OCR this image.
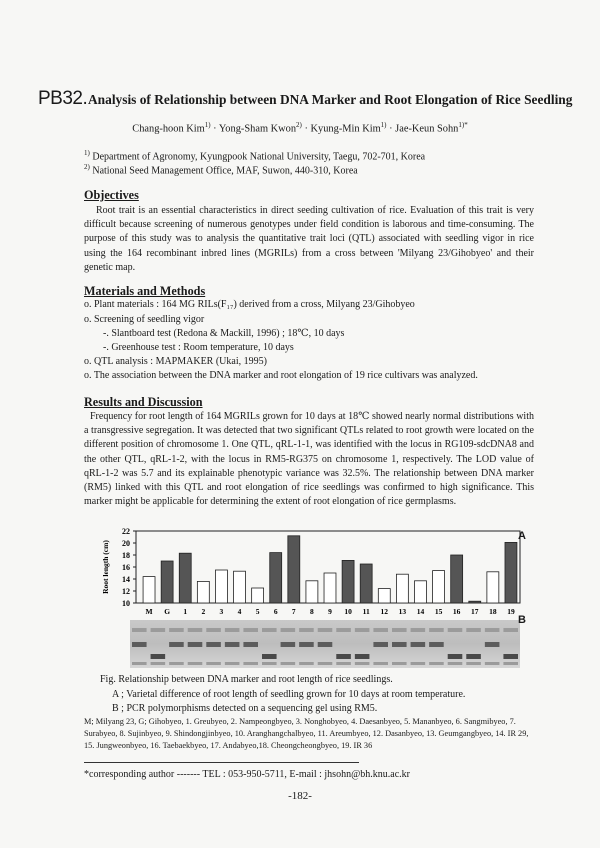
PB32. Analysis of Relationship between DNA Marker and Root Elongation of Rice Seedling
Chang-hoon Kim$^{1)}$ · Yong-Sham Kwon$^{2)}$ · Kyung-Min Kim$^{1)}$ · Jae-Keun Sohn$^{1)*}$
$^{1)}$ Department of Agronomy, Kyungpook National University, Taegu, 702-701, Korea
$^{2)}$ National Seed Management Office, MAF, Suwon, 440-310, Korea
Objectives

Root trait is an essential characteristics in direct seeding cultivation of rice. Evaluation of this trait is very difficult because screening of numerous genotypes under field condition is laborous and time-consuming. The purpose of this study was to analysis the quantitative trait loci (QTL) associated with seedling vigor in rice using the 164 recombinant inbred lines (MGRILs) from a cross between 'Milyang 23/Gihobyeo' and their genetic map.

Materials and Methods
o. Plant materials : 164 MG RILs(F₁₇) derived from a cross, Milyang 23/Gihobyeo
o. Screening of seedling vigor
-. Slantboard test (Redona & Mackill, 1996) ; 18℃, 10 days
-. Greenhouse test : Room temperature, 10 days
o. QTL analysis : MAPMAKER (Ukai, 1995)
o. The association between the DNA marker and root elongation of 19 rice cultivars was analyzed.
Results and Discussion

Frequency for root length of 164 MGRILs grown for 10 days at 18℃ showed nearly normal distributions with a transgressive segregation. It was detected that two significant QTLs related to root growth were located on the different position of chromosome 1. One QTL, qRL-1-1, was identified with the locus in RG109-sdcDNA8 and the other QTL, qRL-1-2, with the locus in RM5-RG375 on chromosome 1, respectively. The LOD value of qRL-1-2 was 5.7 and its explainable phenotypic variance was 32.5%. The relationship between DNA marker (RM5) linked with this QTL and root elongation of rice seedlings was confirmed to high significance. This marker might be applicable for determining the extent of root elongation of rice germplasms.

Root length (cm)
10
12
14
16
18
20
22
M G 1 2 3 4 5 6 7 8 9 10 11 12 13 14 15 16 17 18 19
A
B
Fig. Relationship between DNA marker and root length of rice seedlings.
A ; Varietal difference of root length of seedling grown for 10 days at room temperature.
B ; PCR polymorphisms detected on a sequencing gel using RM5.

M; Milyang 23, G; Gihobyeo, 1. Greubyeo, 2. Nampeongbyeo, 3. Nonghobyeo, 4. Daesanbyeo, 5. Mananbyeo, 6. Sangmibyeo, 7. Surabyeo, 8. Sujinbyeo, 9. Shindongjinbyeo, 10. Aranghangchalbyeo, 11. Areumbyeo, 12. Dasanbyeo, 13. Geumgangbyeo, 14. IR 29, 15. Jungweonbyeo, 16. Taebaekbyeo, 17. Andabyeo,18. Cheongcheongbyeo, 19. IR 36

*corresponding author ------- TEL : 053-950-5711, E-mail : jhsohn@bh.knu.ac.kr
-182-
